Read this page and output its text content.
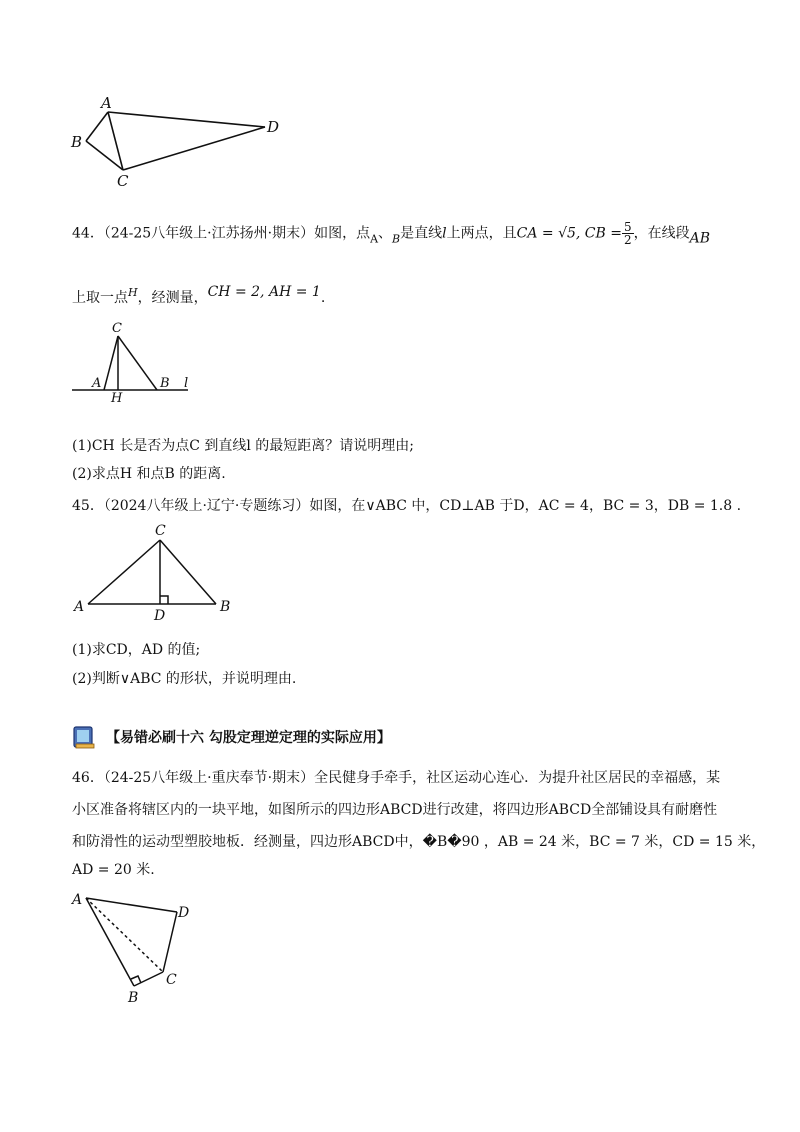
A
B
C
D
44．（24-25八年级上·江苏扬州·期末）如图，点$_A$、$_B$是直线l上两点，且CA = √5, CB = $\frac{5}{2}$ ，在线段AB
上取一点$^H$，经测量，CH = 2, AH = 1.
C
A
H
B l
(1)CH 长是否为点C 到直线l 的最短距离？请说明理由;
(2)求点H 和点B 的距离.
45．（2024八年级上·辽宁·专题练习）如图，在∨ABC 中，CD⊥AB 于D，AC = 4，BC = 3，DB = 1.8 .
C
A
D
B
(1)求CD，AD 的值;
(2)判断∨ABC 的形状，并说明理由.
【易错必刷十六 勾股定理逆定理的实际应用】
46．（24-25八年级上·重庆奉节·期末）全民健身手牵手，社区运动心连心．为提升社区居民的幸福感，某
小区准备将辖区内的一块平地，如图所示的四边形ABCD进行改建，将四边形ABCD全部铺设具有耐磨性
和防滑性的运动型塑胶地板．经测量，四边形ABCD中，�B�90 ，AB = 24 米，BC = 7 米，CD = 15 米，
AD = 20 米.
A
D
C
B
